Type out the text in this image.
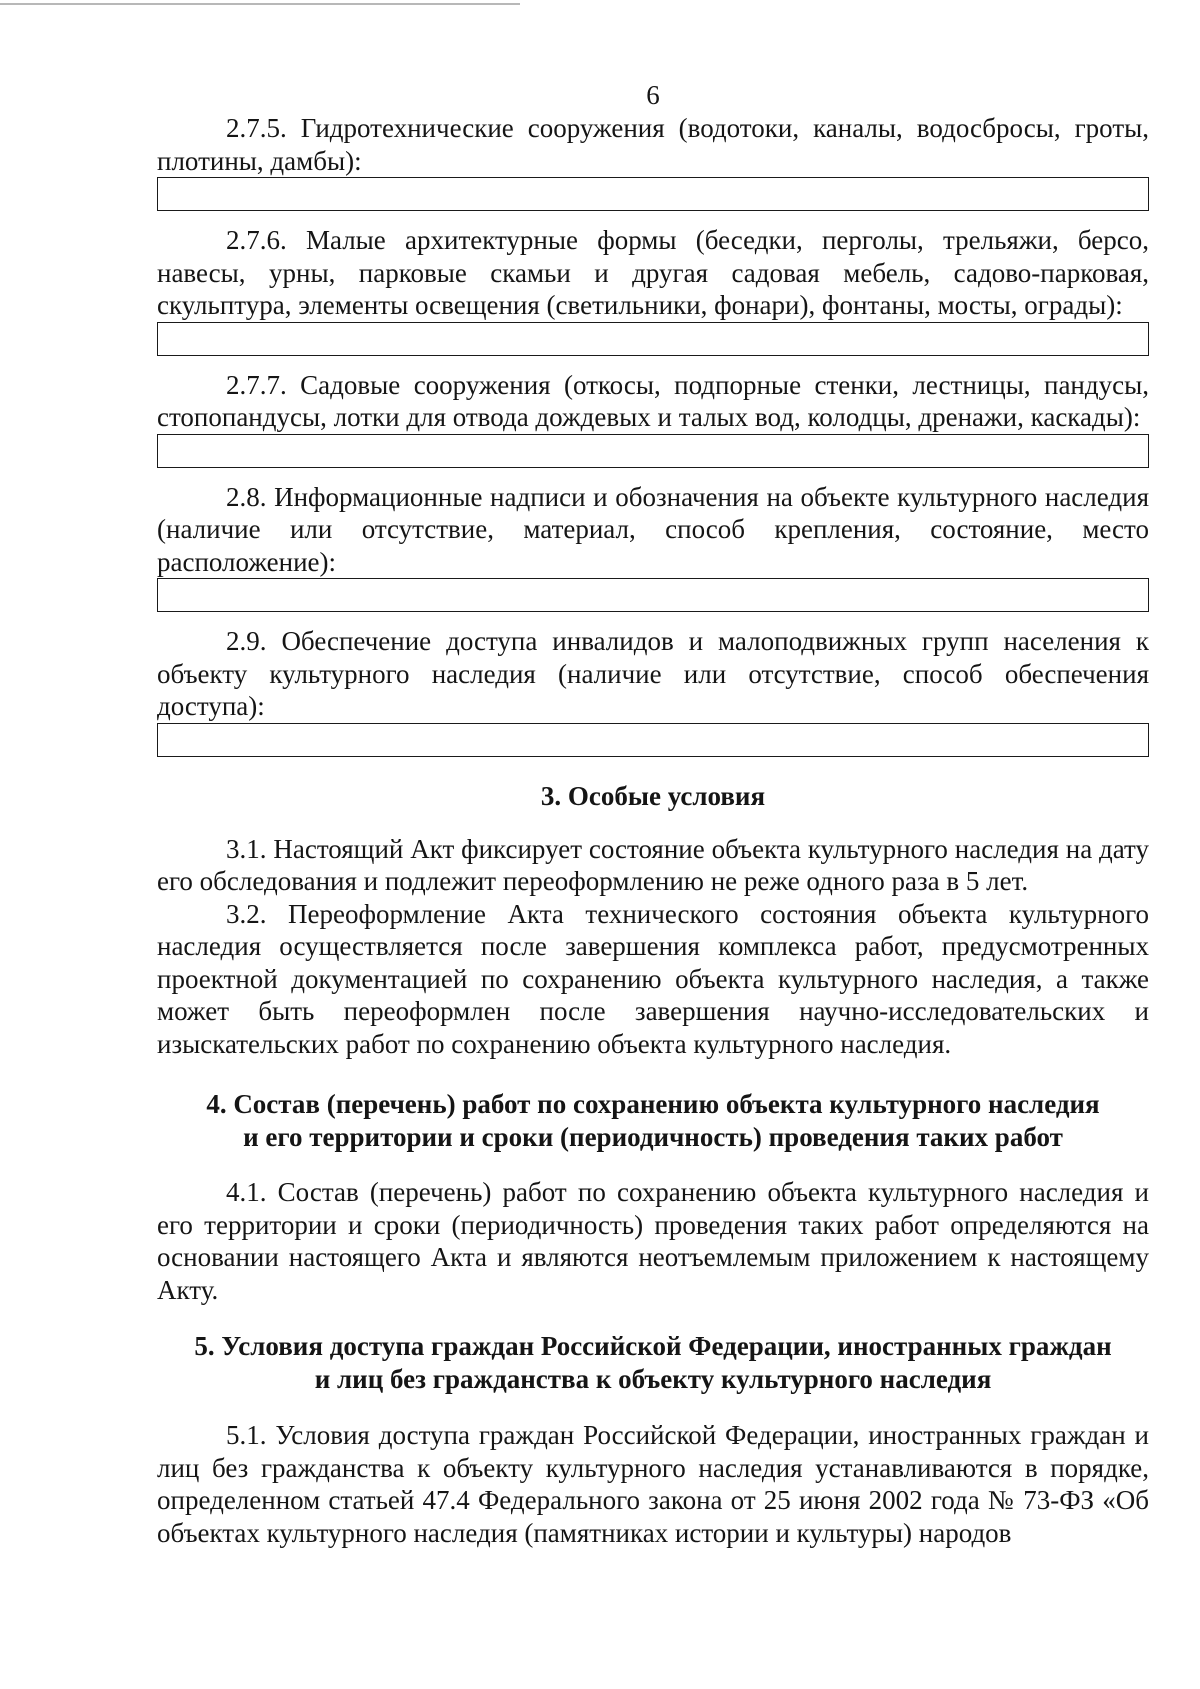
6

2.7.5. Гидротехнические сооружения (водотоки, каналы, водосбросы, гроты, плотины, дамбы):

2.7.6. Малые архитектурные формы (беседки, перголы, трельяжи, берсо, навесы, урны, парковые скамьи и другая садовая мебель, садово-парковая, скульптура, элементы освещения (светильники, фонари), фонтаны, мосты, ограды):

2.7.7. Садовые сооружения (откосы, подпорные стенки, лестницы, пандусы, стопопандусы, лотки для отвода дождевых и талых вод, колодцы, дренажи, каскады):

2.8. Информационные надписи и обозначения на объекте культурного наследия (наличие или отсутствие, материал, способ крепления, состояние, место расположение):

2.9. Обеспечение доступа инвалидов и малоподвижных групп населения к объекту культурного наследия (наличие или отсутствие, способ обеспечения доступа):

3. Особые условия

3.1. Настоящий Акт фиксирует состояние объекта культурного наследия на дату его обследования и подлежит переоформлению не реже одного раза в 5 лет.

3.2. Переоформление Акта технического состояния объекта культурного наследия осуществляется после завершения комплекса работ, предусмотренных проектной документацией по сохранению объекта культурного наследия, а также может быть переоформлен после завершения научно-исследовательских и изыскательских работ по сохранению объекта культурного наследия.

4. Состав (перечень) работ по сохранению объекта культурного наследия
и его территории и сроки (периодичность) проведения таких работ

4.1. Состав (перечень) работ по сохранению объекта культурного наследия и его территории и сроки (периодичность) проведения таких работ определяются на основании настоящего Акта и являются неотъемлемым приложением к настоящему Акту.

5. Условия доступа граждан Российской Федерации, иностранных граждан
и лиц без гражданства к объекту культурного наследия

5.1. Условия доступа граждан Российской Федерации, иностранных граждан и лиц без гражданства к объекту культурного наследия устанавливаются в порядке, определенном статьей 47.4 Федерального закона от 25 июня 2002 года № 73-ФЗ «Об объектах культурного наследия (памятниках истории и культуры) народов
